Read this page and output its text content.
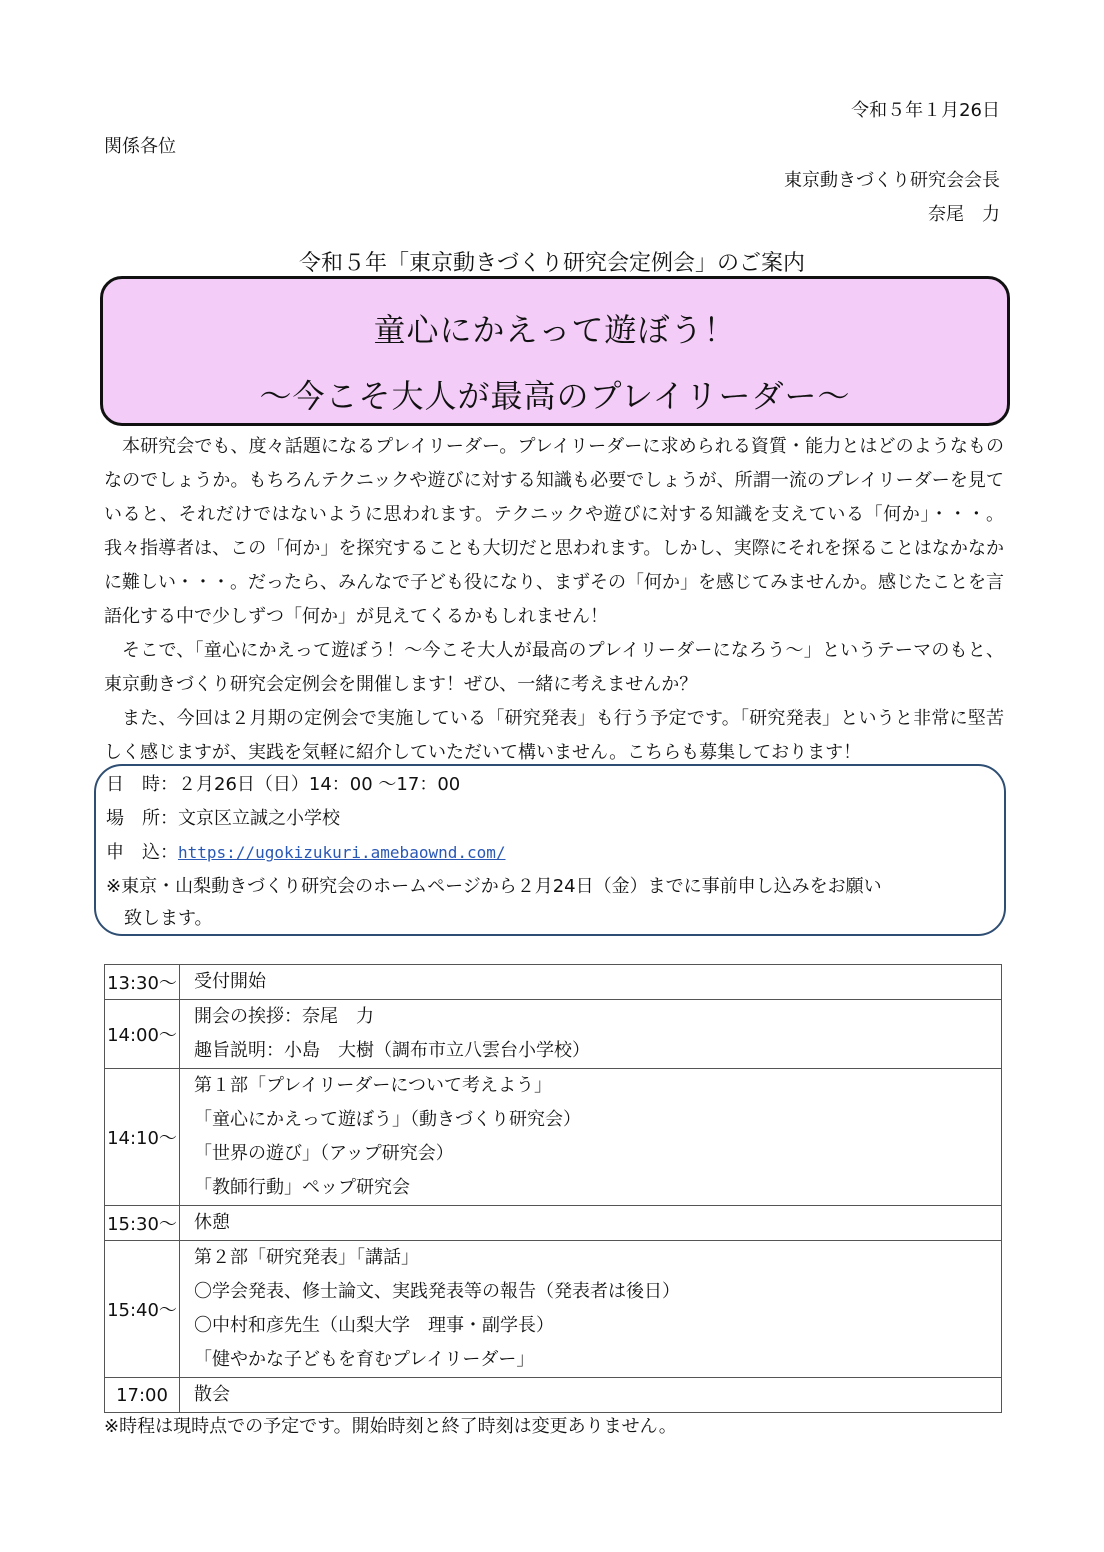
令和５年１月26日
関係各位
東京動きづくり研究会会長
奈尾　力
令和５年「東京動きづくり研究会定例会」のご案内
童心にかえって遊ぼう！
～今こそ大人が最高のプレイリーダー～

本研究会でも、度々話題になるプレイリーダー。プレイリーダーに求められる資質・能力とはどのようなものなのでしょうか。もちろんテクニックや遊びに対する知識も必要でしょうが、所謂一流のプレイリーダーを見ていると、それだけではないように思われます。テクニックや遊びに対する知識を支えている「何か」・・・。我々指導者は、この「何か」を探究することも大切だと思われます。しかし、実際にそれを探ることはなかなかに難しい・・・。だったら、みんなで子ども役になり、まずその「何か」を感じてみませんか。感じたことを言語化する中で少しずつ「何か」が見えてくるかもしれません！

そこで、「童心にかえって遊ぼう！～今こそ大人が最高のプレイリーダーになろう～」というテーマのもと、東京動きづくり研究会定例会を開催します！ぜひ、一緒に考えませんか？

また、今回は２月期の定例会で実施している「研究発表」も行う予定です。「研究発表」というと非常に堅苦しく感じますが、実践を気軽に紹介していただいて構いません。こちらも募集しております！

日　時：２月26日（日）14：00 ～17：00
場　所：文京区立誠之小学校
申　込：https://ugokizukuri.amebaownd.com/
※東京・山梨動きづくり研究会のホームページから２月24日（金）までに事前申し込みをお願い
致します。
13:30～	受付開始

14:00～	開会の挨拶：奈尾　力
趣旨説明：小島　大樹（調布市立八雲台小学校）

14:10～	第１部「プレイリーダーについて考えよう」
「童心にかえって遊ぼう」（動きづくり研究会）
「世界の遊び」（アップ研究会）
「教師行動」ペップ研究会

15:30～	休憩

15:40～	第２部「研究発表」「講話」
〇学会発表、修士論文、実践発表等の報告（発表者は後日）
〇中村和彦先生（山梨大学　理事・副学長）
「健やかな子どもを育むプレイリーダー」

17:00	散会
※時程は現時点での予定です。開始時刻と終了時刻は変更ありません。
